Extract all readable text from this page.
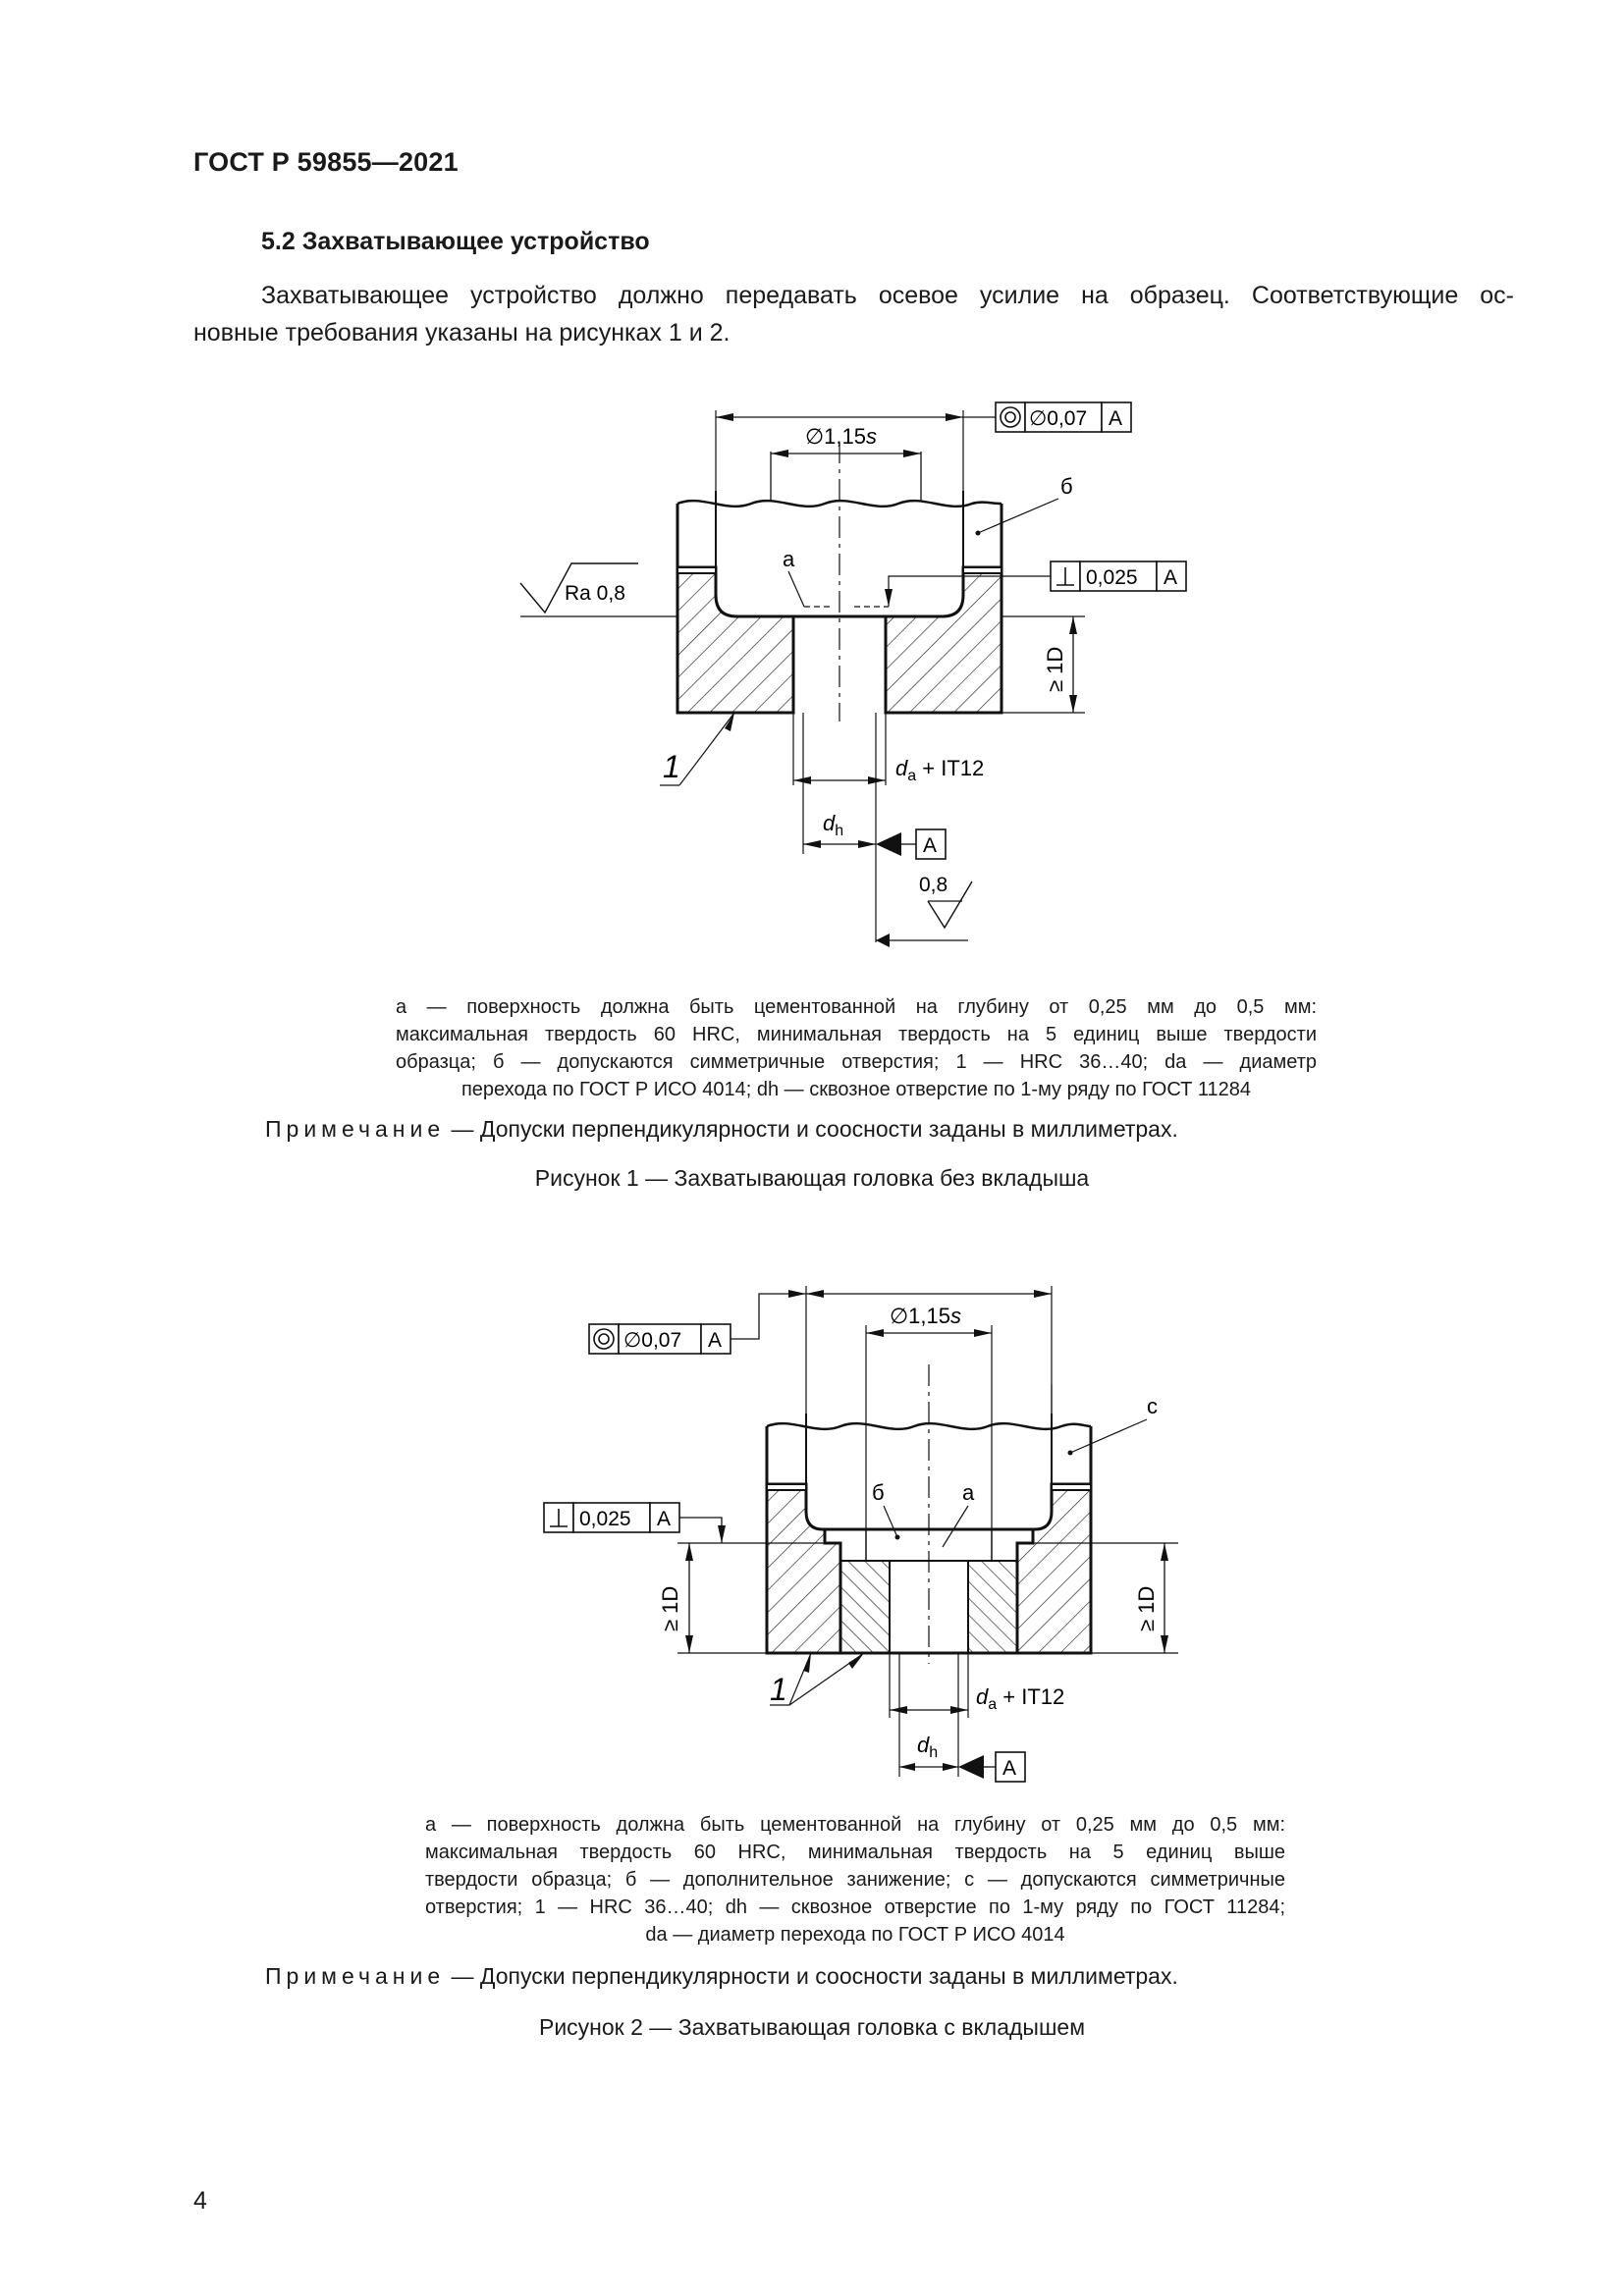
ГОСТ Р 59855—2021
5.2 Захватывающее устройство
Захватывающее устройство должно передавать осевое усилие на образец. Соответствующие ос-
новные требования указаны на рисунках 1 и 2.
∅1,15s
∅0,07 A
б
а
Ra 0,8
0,025 A
≥ 1D
1	$d_a + IT12$
$d_h$
A
0,8
а — поверхность должна быть цементованной на глубину от 0,25 мм до 0,5 мм:
максимальная твердость 60 HRC, минимальная твердость на 5 единиц выше твердости
образца; б — допускаются симметричные отверстия; 1 — HRC 36…40; dа — диаметр
перехода по ГОСТ Р ИСО 4014; dh — сквозное отверстие по 1-му ряду по ГОСТ 11284
Примечание — Допуски перпендикулярности и соосности заданы в миллиметрах.
Рисунок 1 — Захватывающая головка без вкладыша
∅1,15s
∅0,07 A
c
б	а
0,025 A
≥ 1D	≥ 1D
1	$d_a + IT12$
$d_h$
A
а — поверхность должна быть цементованной на глубину от 0,25 мм до 0,5 мм:
максимальная твердость 60 HRC, минимальная твердость на 5 единиц выше
твердости образца; б — дополнительное занижение; с — допускаются симметричные
отверстия; 1 — HRC 36…40; dh — сквозное отверстие по 1-му ряду по ГОСТ 11284;
dа — диаметр перехода по ГОСТ Р ИСО 4014
Примечание — Допуски перпендикулярности и соосности заданы в миллиметрах.
Рисунок 2 — Захватывающая головка с вкладышем
4
